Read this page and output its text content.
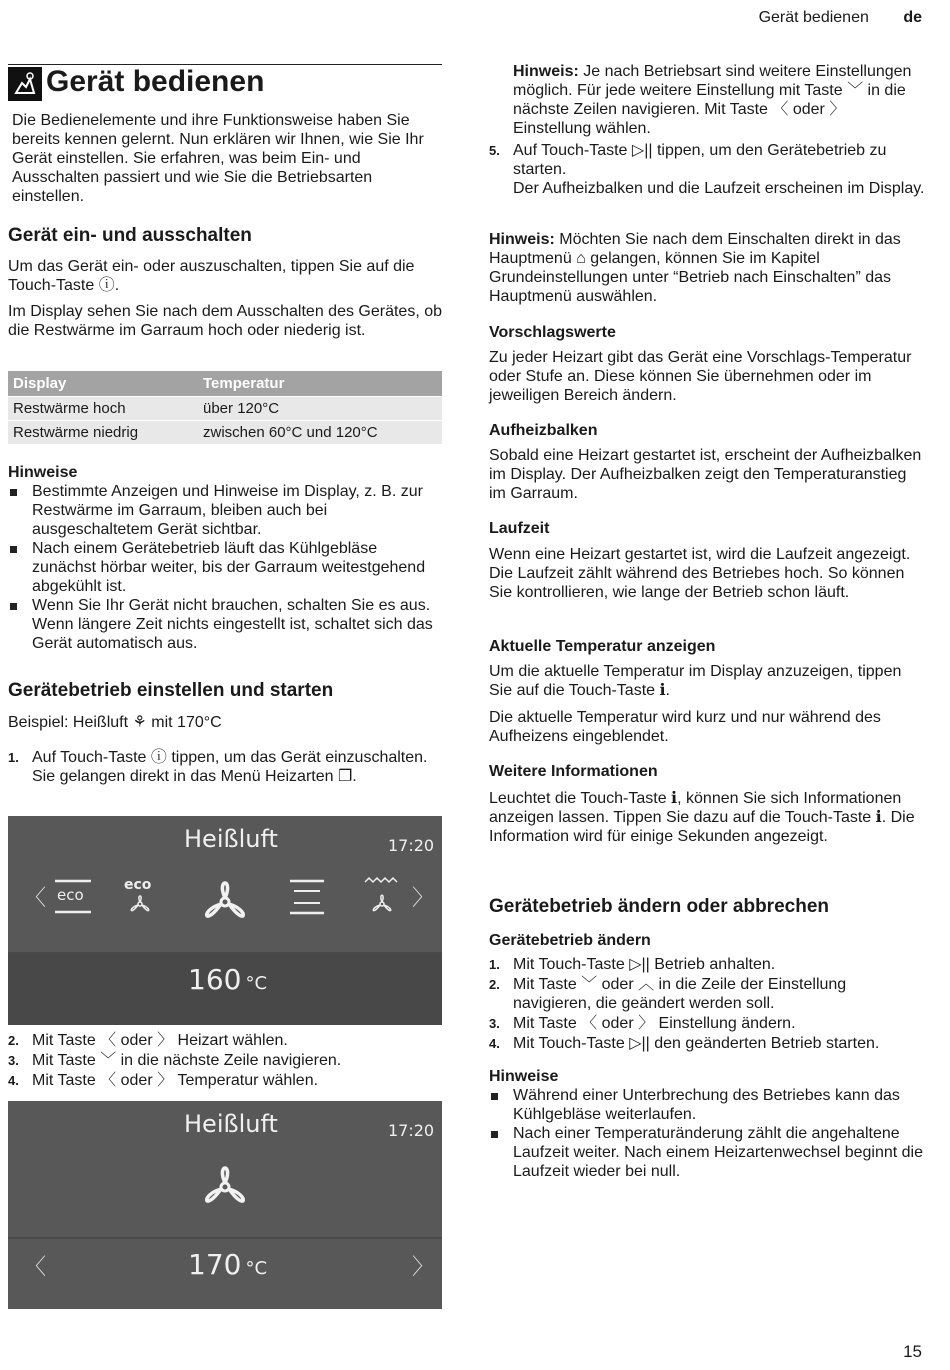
Gerät bedienen de
Gerät bedienen

Die Bedienelemente und ihre Funktionsweise haben Sie bereits kennen gelernt. Nun erklären wir Ihnen, wie Sie Ihr Gerät einstellen. Sie erfahren, was beim Ein- und Ausschalten passiert und wie Sie die Betriebsarten einstellen.

Gerät ein- und ausschalten

Um das Gerät ein- oder auszuschalten, tippen Sie auf die Touch-Taste ⓘ.

Im Display sehen Sie nach dem Ausschalten des Gerätes, ob die Restwärme im Garraum hoch oder niederig ist.

Display	Temperatur
Restwärme hoch	über 120°C
Restwärme niedrig	zwischen 60°C und 120°C
Hinweise
Bestimmte Anzeigen und Hinweise im Display, z. B. zur Restwärme im Garraum, bleiben auch bei ausgeschaltetem Gerät sichtbar.
Nach einem Gerätebetrieb läuft das Kühlgebläse zunächst hörbar weiter, bis der Garraum weitestgehend abgekühlt ist.
Wenn Sie Ihr Gerät nicht brauchen, schalten Sie es aus. Wenn längere Zeit nichts eingestellt ist, schaltet sich das Gerät automatisch aus.
Gerätebetrieb einstellen und starten

Beispiel: Heißluft ⚘ mit 170°C

1. Auf Touch-Taste ⓘ tippen, um das Gerät einzuschalten.
Sie gelangen direkt in das Menü Heizarten ❐.
Heißluft	17:20
〈	〉
eco
eco
160 °C
2. Mit Taste 〈 oder 〉 Heizart wählen.
3. Mit Taste ﹀ in die nächste Zeile navigieren.
4. Mit Taste 〈 oder 〉 Temperatur wählen.
Heißluft	17:20
〈	170 °C	〉

Hinweis: Je nach Betriebsart sind weitere Einstellungen möglich. Für jede weitere Einstellung mit Taste ﹀ in die nächste Zeilen navigieren. Mit Taste 〈 oder 〉 Einstellung wählen.

5. Auf Touch-Taste ▷|| tippen, um den Gerätebetrieb zu starten.
Der Aufheizbalken und die Laufzeit erscheinen im Display.

Hinweis: Möchten Sie nach dem Einschalten direkt in das Hauptmenü ⌂ gelangen, können Sie im Kapitel Grundeinstellungen unter “Betrieb nach Einschalten” das Hauptmenü auswählen.

Vorschlagswerte

Zu jeder Heizart gibt das Gerät eine Vorschlags-Temperatur oder Stufe an. Diese können Sie übernehmen oder im jeweiligen Bereich ändern.

Aufheizbalken

Sobald eine Heizart gestartet ist, erscheint der Aufheizbalken im Display. Der Aufheizbalken zeigt den Temperaturanstieg im Garraum.

Laufzeit

Wenn eine Heizart gestartet ist, wird die Laufzeit angezeigt. Die Laufzeit zählt während des Betriebes hoch. So können Sie kontrollieren, wie lange der Betrieb schon läuft.

Aktuelle Temperatur anzeigen

Um die aktuelle Temperatur im Display anzuzeigen, tippen Sie auf die Touch-Taste ℹ.

Die aktuelle Temperatur wird kurz und nur während des Aufheizens eingeblendet.

Weitere Informationen

Leuchtet die Touch-Taste ℹ, können Sie sich Informationen anzeigen lassen. Tippen Sie dazu auf die Touch-Taste ℹ. Die Information wird für einige Sekunden angezeigt.

Gerätebetrieb ändern oder abbrechen
Gerätebetrieb ändern
1. Mit Touch-Taste ▷|| Betrieb anhalten.
2. Mit Taste ﹀ oder ︿ in die Zeile der Einstellung navigieren, die geändert werden soll.
3. Mit Taste 〈 oder 〉 Einstellung ändern.
4. Mit Touch-Taste ▷|| den geänderten Betrieb starten.
Hinweise
Während einer Unterbrechung des Betriebes kann das Kühlgebläse weiterlaufen.
Nach einer Temperaturänderung zählt die angehaltene Laufzeit weiter. Nach einem Heizartenwechsel beginnt die Laufzeit wieder bei null.
15
